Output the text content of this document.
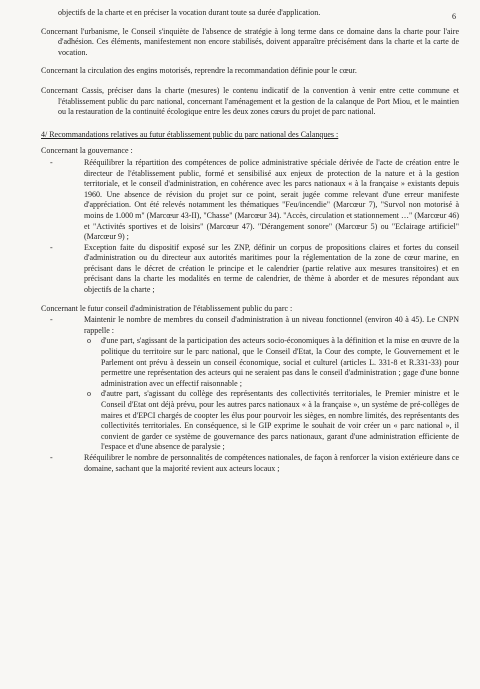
6

objectifs de la charte et en préciser la vocation durant toute sa durée d'application.

Concernant l'urbanisme, le Conseil s'inquiète de l'absence de stratégie à long terme dans ce domaine dans la charte pour l'aire d'adhésion. Ces éléments, manifestement non encore stabilisés, doivent apparaître précisément dans la charte et la carte de vocation.

Concernant la circulation des engins motorisés, reprendre la recommandation définie pour le cœur.

Concernant Cassis, préciser dans la charte (mesures) le contenu indicatif de la convention à venir entre cette commune et l'établissement public du parc national, concernant l'aménagement et la gestion de la calanque de Port Miou, et le maintien ou la restauration de la continuité écologique entre les deux zones cœurs du projet de parc national.

4/ Recommandations relatives au futur établissement public du parc national des Calanques :

Concernant la gouvernance :

- Rééquilibrer la répartition des compétences de police administrative spéciale dérivée de l'acte de création entre le directeur de l'établissement public, formé et sensibilisé aux enjeux de protection de la nature et à la gestion territoriale, et le conseil d'administration, en cohérence avec les parcs nationaux « à la française » existants depuis 1960. Une absence de révision du projet sur ce point, serait jugée comme relevant d'une erreur manifeste d'appréciation. Ont été relevés notamment les thématiques "Feu/incendie" (Marcœur 7), "Survol non motorisé à moins de 1.000 m" (Marcœur 43-II), "Chasse" (Marcœur 34). "Accès, circulation et stationnement …" (Marcœur 46) et "Activités sportives et de loisirs" (Marcœur 47). "Dérangement sonore" (Marcœur 5) ou "Eclairage artificiel" (Marcœur 9) ;
- Exception faite du dispositif exposé sur les ZNP, définir un corpus de propositions claires et fortes du conseil d'administration ou du directeur aux autorités maritimes pour la réglementation de la zone de cœur marine, en précisant dans le décret de création le principe et le calendrier (partie relative aux mesures transitoires) et en précisant dans la charte les modalités en terme de calendrier, de thème à aborder et de mesures répondant aux objectifs de la charte ;

Concernant le futur conseil d'administration de l'établissement public du parc :

- Maintenir le nombre de membres du conseil d'administration à un niveau fonctionnel (environ 40 à 45). Le CNPN rappelle :
o d'une part, s'agissant de la participation des acteurs socio-économiques à la définition et la mise en œuvre de la politique du territoire sur le parc national, que le Conseil d'Etat, la Cour des compte, le Gouvernement et le Parlement ont prévu à dessein un conseil économique, social et culturel (articles L. 331-8 et R.331-33) pour permettre une représentation des acteurs qui ne seraient pas dans le conseil d'administration ; gage d'une bonne administration avec un effectif raisonnable ;
o d'autre part, s'agissant du collège des représentants des collectivités territoriales, le Premier ministre et le Conseil d'Etat ont déjà prévu, pour les autres parcs nationaux « à la française », un système de pré-collèges de maires et d'EPCI chargés de coopter les élus pour pourvoir les sièges, en nombre limités, des représentants des collectivités territoriales. En conséquence, si le GIP exprime le souhait de voir créer un « parc national », il convient de garder ce système de gouvernance des parcs nationaux, garant d'une administration efficiente de l'espace et d'une absence de paralysie ;
- Rééquilibrer le nombre de personnalités de compétences nationales, de façon à renforcer la vision extérieure dans ce domaine, sachant que la majorité revient aux acteurs locaux ;
